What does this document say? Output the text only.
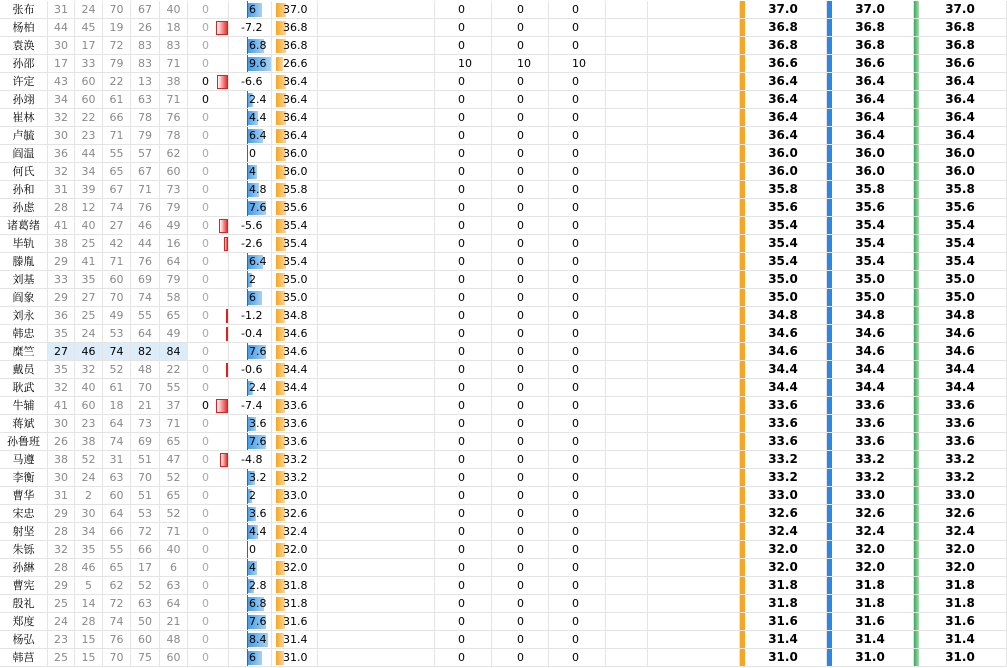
张布	31	24	70	67	40	0	6 37.0	0	0	0	37.0	37.0	37.0
杨柏	44	45	19	26	18	0	-7.2 36.8	0	0	0	36.8	36.8	36.8
袁涣	30	17	72	83	83	0	6.8 36.8	0	0	0	36.8	36.8	36.8
孙邵	17	33	79	83	71	0	9.6 26.6	10	10	10	36.6	36.6	36.6
许定	43	60	22	13	38	0	-6.6 36.4	0	0	0	36.4	36.4	36.4
孙翊	34	60	61	63	71	0	2.4 36.4	0	0	0	36.4	36.4	36.4
崔林	32	22	66	78	76	0	4.4 36.4	0	0	0	36.4	36.4	36.4
卢毓	30	23	71	79	78	0	6.4 36.4	0	0	0	36.4	36.4	36.4
阎温	36	44	55	57	62	0	0 36.0	0	0	0	36.0	36.0	36.0
何氏	32	34	65	67	60	0	4 36.0	0	0	0	36.0	36.0	36.0
孙和	31	39	67	71	73	0	4.8 35.8	0	0	0	35.8	35.8	35.8
孙虑	28	12	74	76	79	0	7.6 35.6	0	0	0	35.6	35.6	35.6
诸葛绪	41	40	27	46	49	0	-5.6 35.4	0	0	0	35.4	35.4	35.4
毕轨	38	25	42	44	16	0	-2.6 35.4	0	0	0	35.4	35.4	35.4
滕胤	29	41	71	76	64	0	6.4 35.4	0	0	0	35.4	35.4	35.4
刘基	33	35	60	69	79	0	2 35.0	0	0	0	35.0	35.0	35.0
阎象	29	27	70	74	58	0	6 35.0	0	0	0	35.0	35.0	35.0
刘永	36	25	49	55	65	0	-1.2 34.8	0	0	0	34.8	34.8	34.8
韩忠	35	24	53	64	49	0	-0.4 34.6	0	0	0	34.6	34.6	34.6
糜竺	27	46	74	82	84	0	7.6 34.6	0	0	0	34.6	34.6	34.6
戴员	35	32	52	48	22	0	-0.6 34.4	0	0	0	34.4	34.4	34.4
耿武	32	40	61	70	55	0	2.4 34.4	0	0	0	34.4	34.4	34.4
牛辅	41	60	18	21	37	0	-7.4 33.6	0	0	0	33.6	33.6	33.6
蒋斌	30	23	64	73	71	0	3.6 33.6	0	0	0	33.6	33.6	33.6
孙鲁班	26	38	74	69	65	0	7.6 33.6	0	0	0	33.6	33.6	33.6
马遵	38	52	31	51	47	0	-4.8 33.2	0	0	0	33.2	33.2	33.2
李衡	30	24	63	70	52	0	3.2 33.2	0	0	0	33.2	33.2	33.2
曹华	31	2	60	51	65	0	2 33.0	0	0	0	33.0	33.0	33.0
宋忠	29	30	64	53	52	0	3.6 32.6	0	0	0	32.6	32.6	32.6
射坚	28	34	66	72	71	0	4.4 32.4	0	0	0	32.4	32.4	32.4
朱铄	32	35	55	66	40	0	0 32.0	0	0	0	32.0	32.0	32.0
孙綝	28	46	65	17	6	0	4 32.0	0	0	0	32.0	32.0	32.0
曹宪	29	5	62	52	63	0	2.8 31.8	0	0	0	31.8	31.8	31.8
殷礼	25	14	72	63	64	0	6.8 31.8	0	0	0	31.8	31.8	31.8
郑度	24	28	74	50	21	0	7.6 31.6	0	0	0	31.6	31.6	31.6
杨弘	23	15	76	60	48	0	8.4 31.4	0	0	0	31.4	31.4	31.4
韩莒	25	15	70	75	60	0	6 31.0	0	0	0	31.0	31.0	31.0
